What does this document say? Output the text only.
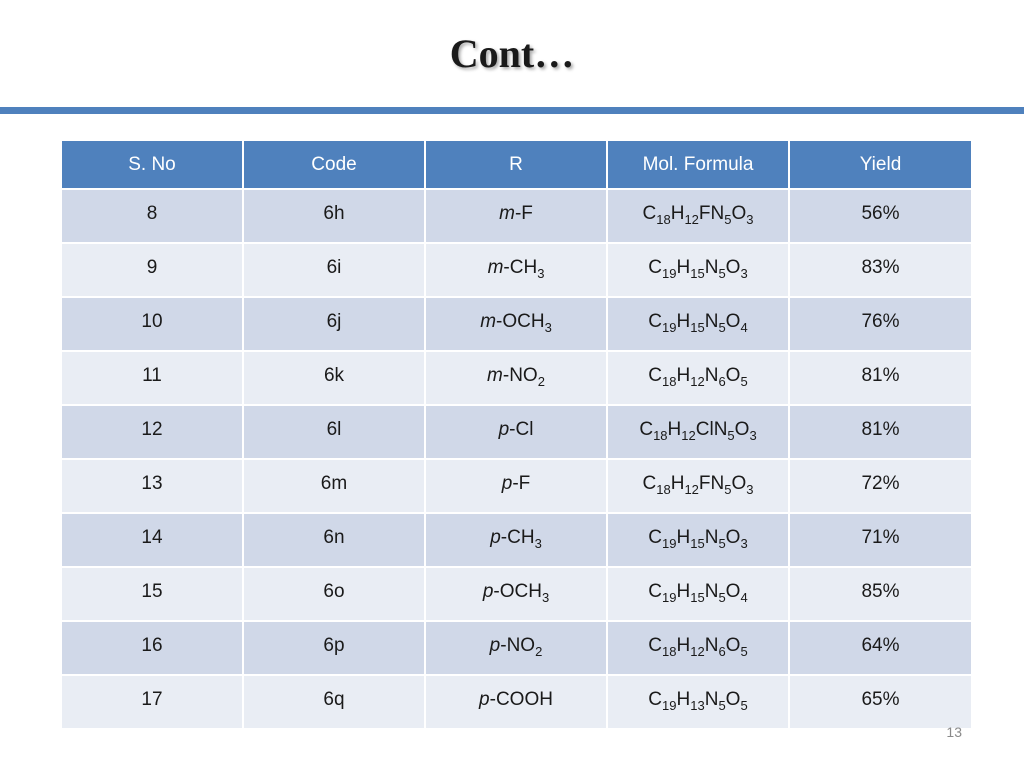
Cont…
S. No	Code	R	Mol. Formula	Yield
8	6h	m-F	$C_{18}H_{12}FN_5O_3$	56%
9	6i	$m-CH_3$	$C_{19}H_{15}N_5O_3$	83%
10	6j	$m-OCH_3$	$C_{19}H_{15}N_5O_4$	76%
11	6k	$m-NO_2$	$C_{18}H_{12}N_6O_5$	81%
12	6l	p-Cl	$C_{18}H_{12}ClN_5O_3$	81%
13	6m	p-F	$C_{18}H_{12}FN_5O_3$	72%
14	6n	$p-CH_3$	$C_{19}H_{15}N_5O_3$	71%
15	6o	$p-OCH_3$	$C_{19}H_{15}N_5O_4$	85%
16	6p	$p-NO_2$	$C_{18}H_{12}N_6O_5$	64%
17	6q	p-COOH	$C_{19}H_{13}N_5O_5$	65%
13
